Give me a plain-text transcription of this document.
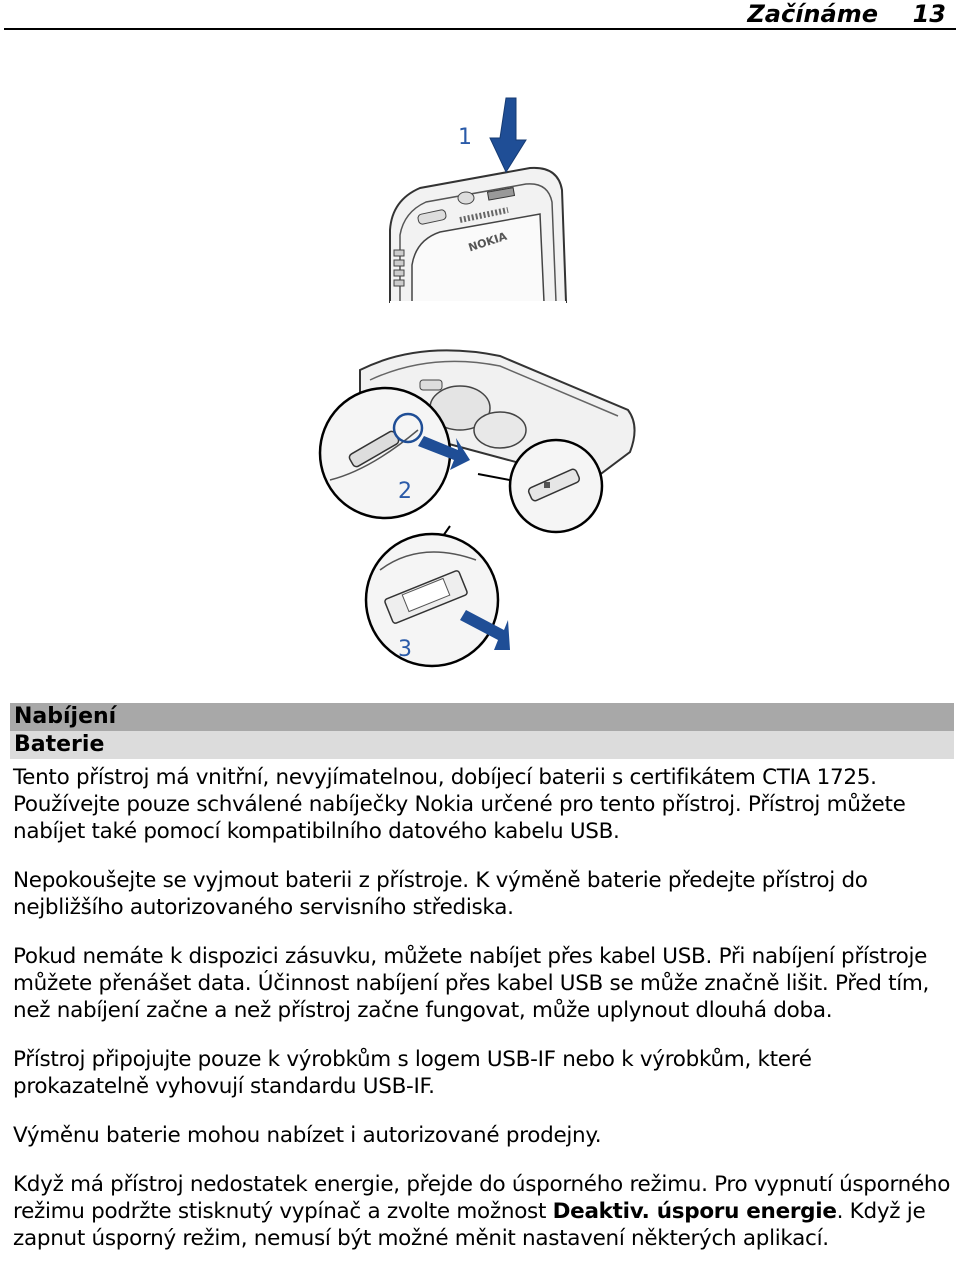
Začínáme 13
NOKIA
1
2
3
Nabíjení
Baterie

Tento přístroj má vnitřní, nevyjímatelnou, dobíjecí baterii s certifikátem CTIA 1725. Používejte pouze schválené nabíječky Nokia určené pro tento přístroj. Přístroj můžete nabíjet také pomocí kompatibilního datového kabelu USB.

Nepokoušejte se vyjmout baterii z přístroje. K výměně baterie předejte přístroj do nejbližšího autorizovaného servisního střediska.

Pokud nemáte k dispozici zásuvku, můžete nabíjet přes kabel USB. Při nabíjení přístroje můžete přenášet data. Účinnost nabíjení přes kabel USB se může značně lišit. Před tím, než nabíjení začne a než přístroj začne fungovat, může uplynout dlouhá doba.

Přístroj připojujte pouze k výrobkům s logem USB-IF nebo k výrobkům, které prokazatelně vyhovují standardu USB-IF.

Výměnu baterie mohou nabízet i autorizované prodejny.

Když má přístroj nedostatek energie, přejde do úsporného režimu. Pro vypnutí úsporného režimu podržte stisknutý vypínač a zvolte možnost Deaktiv. úsporu energie. Když je zapnut úsporný režim, nemusí být možné měnit nastavení některých aplikací.
